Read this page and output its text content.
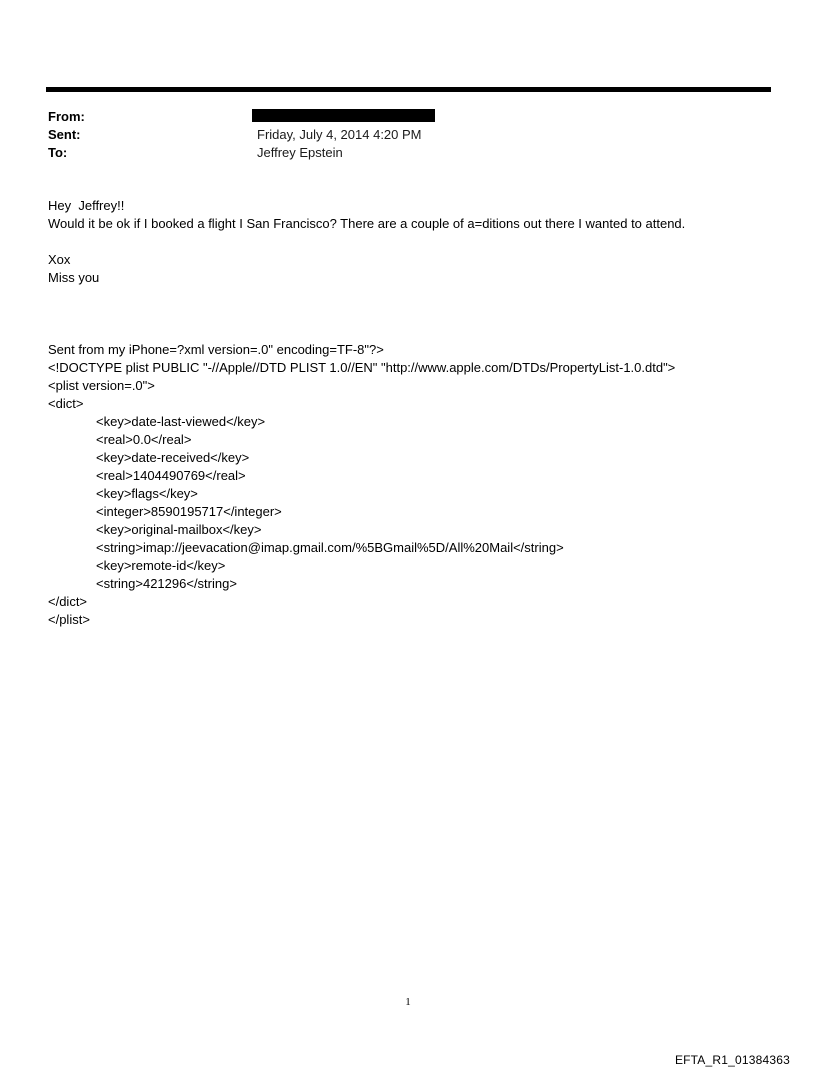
From:
Sent:	Friday, July 4, 2014 4:20 PM
To:	Jeffrey Epstein
Hey  Jeffrey!!
Would it be ok if I booked a flight I San Francisco? There are a couple of a=ditions out there I wanted to attend.
Xox
Miss you
Sent from my iPhone=?xml version=.0" encoding=TF-8"?>
<!DOCTYPE plist PUBLIC "-//Apple//DTD PLIST 1.0//EN" "http://www.apple.com/DTDs/PropertyList-1.0.dtd">
<plist version=.0">
<dict>
<key>date-last-viewed</key>
<real>0.0</real>
<key>date-received</key>
<real>1404490769</real>
<key>flags</key>
<integer>8590195717</integer>
<key>original-mailbox</key>
<string>imap://jeevacation@imap.gmail.com/%5BGmail%5D/All%20Mail</string>
<key>remote-id</key>
<string>421296</string>
</dict>
</plist>
1
EFTA_R1_01384363
